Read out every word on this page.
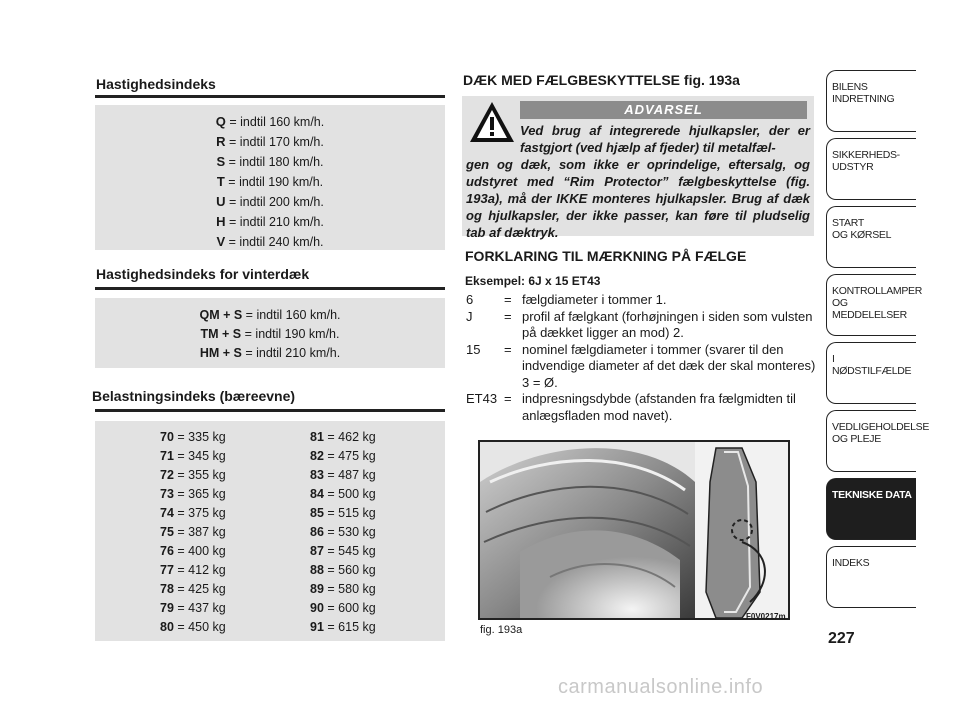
Hastighedsindeks
Q = indtil 160 km/h.
R = indtil 170 km/h.
S = indtil 180 km/h.
T = indtil 190 km/h.
U = indtil 200 km/h.
H = indtil 210 km/h.
V = indtil 240 km/h.
Hastighedsindeks for vinterdæk
QM + S = indtil 160 km/h.
TM + S = indtil 190 km/h.
HM + S = indtil 210 km/h.
Belastningsindeks (bæreevne)
70 = 335 kg
71 = 345 kg
72 = 355 kg
73 = 365 kg
74 = 375 kg
75 = 387 kg
76 = 400 kg
77 = 412 kg
78 = 425 kg
79 = 437 kg
80 = 450 kg
81 = 462 kg
82 = 475 kg
83 = 487 kg
84 = 500 kg
85 = 515 kg
86 = 530 kg
87 = 545 kg
88 = 560 kg
89 = 580 kg
90 = 600 kg
91 = 615 kg
DÆK MED FÆLGBESKYTTELSE fig. 193a
ADVARSEL
Ved brug af integrerede hjulkapsler, der er fastgjort (ved hjælp af fjeder) til metalfæl-
gen og dæk, som ikke er oprindelige, eftersalg, og udstyret med “Rim Protector” fælgbeskyttelse (fig. 193a), må der IKKE monteres hjulkapsler. Brug af dæk og hjulkapsler, der ikke passer, kan føre til pludselig tab af dæktryk.
FORKLARING TIL MÆRKNING PÅ FÆLGE
Eksempel: 6J x 15 ET43
6	= fælgdiameter i tommer 1.
J	= profil af fælgkant (forhøjningen i siden som vulsten på dækket ligger an mod) 2.
15	= nominel fælgdiameter i tommer (svarer til den indvendige diameter af det dæk der skal monteres) 3 = Ø.
ET43 = indpresningsdybde (afstanden fra fælgmidten til anlægsfladen mod navet).
fig. 193a
F0V0217m
BILENS
INDRETNING
SIKKERHEDS-
UDSTYR
START
OG KØRSEL
KONTROLLAMPER
OG MEDDELELSER
I NØDSTILFÆLDE
VEDLIGEHOLDELSE
OG PLEJE
TEKNISKE DATA
INDEKS
227
carmanualsonline.info
